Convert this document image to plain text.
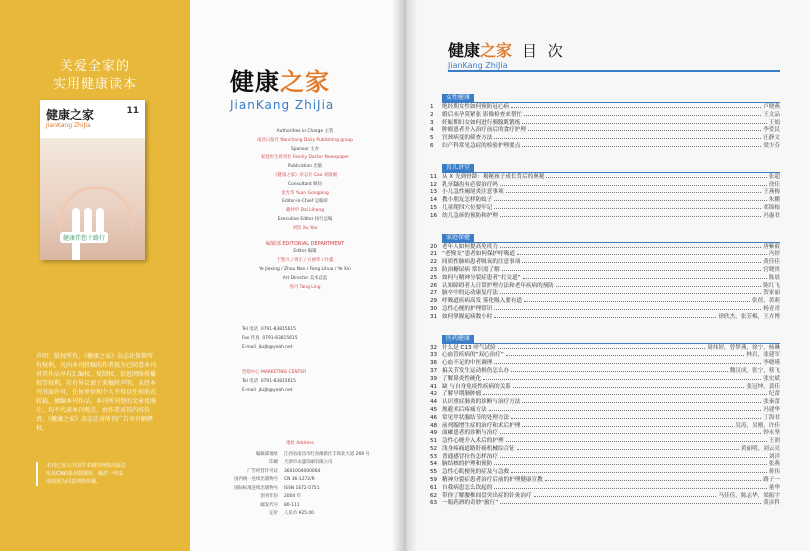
关爱全家的
实用健康读本
健康之家
JianKang ZhiJia
11
健康伴您十路行
声明：版权所有，《健康之家》杂志社保留所有权利，凡向本刊投稿的作者视为已同意本刊对其作品享有汇编权、复制权、信息网络传播权等权利，若有异议请于来稿时声明。未经本刊书面许可，任何单位和个人不得以任何形式转载、摘编本刊作品。本刊所刊登的文章及图片，均不代表本刊观点，由作者对其内容负责。《健康之家》杂志社对所刊广告享有解释权。
本刊已加入中国学术期刊网络出版总库及CNKI系列数据库，稿件一经采用即视为同意网络传播。
健康之家
JianKang ZhiJia
Authorities in Charge 主管
南昌日报社 Nanchang Daily Publishing group
Sponsor 主办
家庭医生周刊社 Family Doctor Newspaper
Publication 出版
《健康之家》杂志社 Cao 刘敏刚
Consultant 顾问
金光华 Yuan Gongping
Editor-in-Chief 总编审
戴仲甲 Dai Lihong
Executive Editor 执行总编
刘钧 Xu Yao
编辑部 EDITORIAL DEPARTMENT
Editor 编辑
于紫兴 / 周正 / 方丽华 / 叶鑫
Ye Jiexing / Zhou Nan / Fang Lihua / Ye Xin
Art Director 美术总监
汤丹 Tang Ling
Tel 电话 0791-83815615
Fax 传真 0791-83815615
E-mail jkzjb@yeah.net
营销中心 MARKETING CENTER
Tel 电话 0791-83815615
E-mail jkzjb@yeah.net
地址 Address
编辑部地址 江西省南昌市红谷滩新区丰和北大道 269 号
印刷 天津市永盛印刷有限公司
广告经营许可证 3601004000064
国内统一连续出版物号 CN 36-1272/R
国际标准连续出版物号 ISSN 1672-5751
创刊年份 2004 年
邮发代号 80-111
定价 人民币 ¥25.00
健康之家 目 次
JianKang ZhiJia
女性健康
1	绝经期女性如何预防冠心病	卢晓燕
2	婚后未孕莫紧张 影像检查来帮忙	王文品
3	妊娠期妇女如何进行胰腺肌锻炼	王娟
4	肿瘤患者介入治疗前后的食疗护理	李爱民
5	宫颈病变的筛查方法	汪静文
6	妇产科常见急症的检验护理要点	梁少芬
育儿讲堂
11 从 X 光到骨龄：揭秘孩子成长背后的奥秘	张超
12 乳牙龋齿有必要治疗吗	徐佳
13 小儿急性阑尾炎注意事项	王燕梅
14 教小朋友怎样防蚊子	朱鹏
15 儿童爬四穴位要牢记	邓锦根
16 幼儿急疹的预防和护理	冯惠君
家庭保健
20 老年人如何提高免疫力	唐紫毅
21 “老慢支”患者如何保护呼吸道	冯婷
22 间质性肺病患者吸氧的注意事项	黄佳佳
23 防治糖尿病 常识需了解	官晓贵
25 如何与精神分裂症患者“打交道”	陈晨
26 认知障碍者人日常护理方法和老年疾病的预防	陈红飞
27 脑卒中的运动康复疗法	贺家丽
29 呼吸道疾病高发 雾化吸入要有道	张蓓，黄莉
30 急性心梗的护理常识	杨青青
31 如何掌握起病数小时	徐欣杰，张芳梅，王卉博
医药健康
32 什么是 C13 呼气试验	周炜婷，曾梦燕，徐宁，杨琳
33 心血管疾病的“双心治疗”	林岩，张建军
36 心血不足的中医调理	李晓瑾
37 搞关节发生运动损伤怎么办	魏汉成，张宁，蔡飞
39 了解鼻炎性硬化	张宏斌
41 缺 与自身免疫性疾病的关系	张冠坤，裴佳
42 了解早期肺肿瘤	纪蕾
44 认识重症肺炎的诊断与治疗方法	张秦蕾
45 规避术后疼痛方法	冯建华
46 常见甲状腺结节的处理方法	丁海君
48 前列腺增生症的治疗和术后护理	吴涛，吴刚，许佳
49 面瘫患者的诊断与治疗	钟永坚
51 急性心梗介入术后的护理	王润
52 浅身疼痛道路肝癌机械综合征	黄丽明，刘云亮
53 普通感冒拉伤怎样治疗	刘洋
54 脑结核的护理和预防	张燕
55 急性心肌梗死的症及与急救	蒋伟
59 精神分裂症患者治疗后前的护理健康宣教	路子一
61 自我病患怎么饮起的	董华
62 带你了解腰椎间盘突出症的针灸治疗	马佳佳，陈志华，梁振宇
63 一瓶药酒的奇妙“旅行”	黄彦科
